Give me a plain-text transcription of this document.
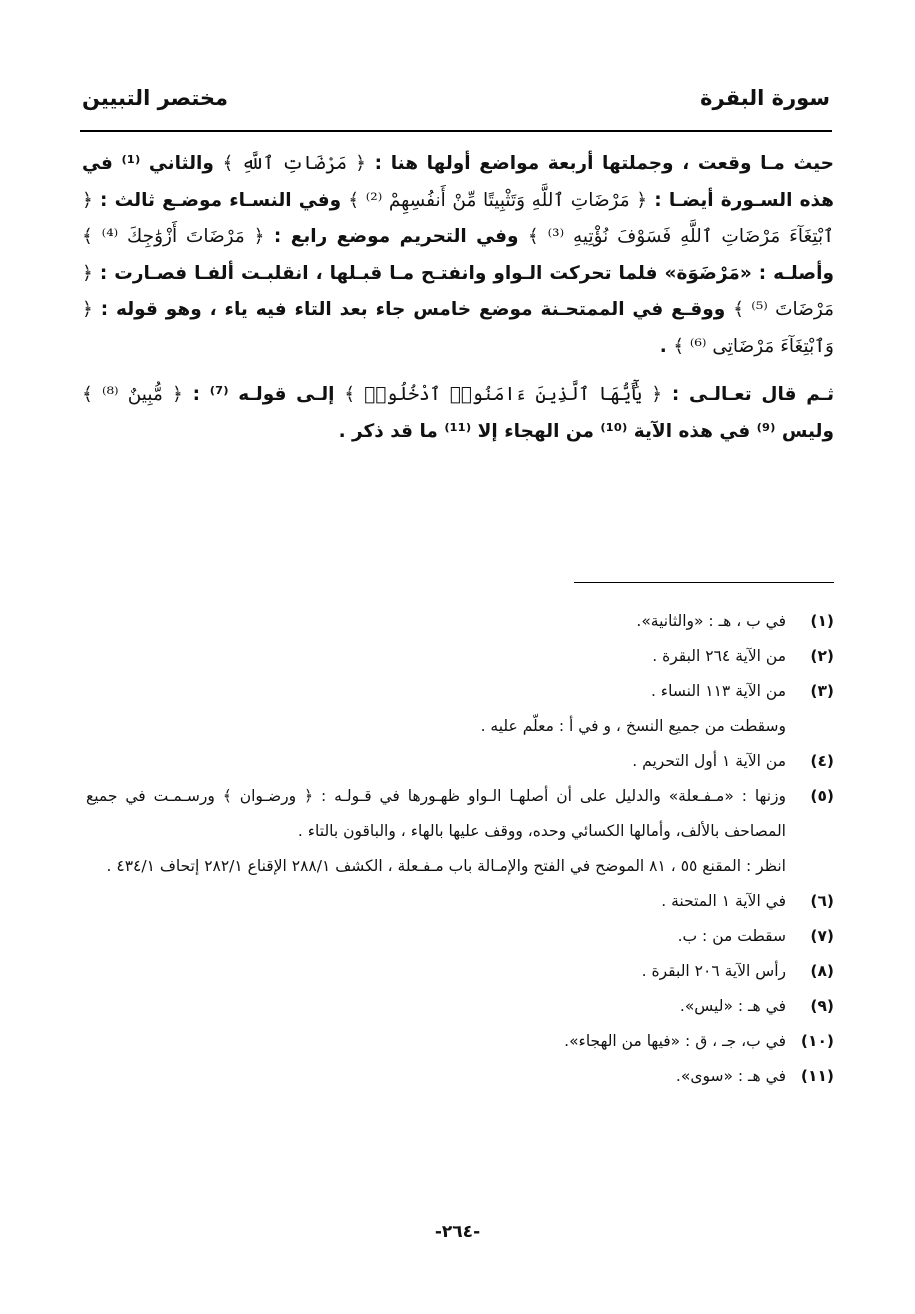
سورة البقرة
مختصر التبيين

حيث مـا وقعت ، وجملتها أربعة مواضع أولها هنا : ﴿ مَرْضَاتِ ٱللَّهِ ﴾ والثاني ⁽¹⁾ في هذه السـورة أيضـا : ﴿ مَرْضَاتِ ٱللَّهِ وَتَثْبِيتًا مِّنْ أَنفُسِهِمْ ⁽²⁾ ﴾ وفي النسـاء موضـع ثالث : ﴿ ٱبْتِغَآءَ مَرْضَاتِ ٱللَّهِ فَسَوْفَ نُؤْتِيهِ ⁽³⁾ ﴾ وفي التحريم موضع رابع : ﴿ مَرْضَاتَ أَزْوَٰجِكَ ⁽⁴⁾ ﴾ وأصلـه : «مَرْضَوَة» فلما تحركت الـواو وانفتـح مـا قبـلها ، انقلبـت ألفـا فصـارت : ﴿ مَرْضَاتَ ⁽⁵⁾ ﴾ ووقـع في الممتحـنة موضع خامس جاء بعد التاء فيه ياء ، وهو قوله : ﴿ وَٱبْتِغَآءَ مَرْضَاتِى ⁽⁶⁾ ﴾ .

ثـم قال تعـالـى : ﴿ يَٰٓأَيُّهَا ٱلَّذِينَ ءَامَنُوا۟ ٱدْخُلُوا۟ ﴾ إلـى قولـه ⁽⁷⁾ : ﴿ مُّبِينٌ ⁽⁸⁾ ﴾ وليس ⁽⁹⁾ في هذه الآية ⁽¹⁰⁾ من الهجاء إلا ⁽¹¹⁾ ما قد ذكر .

(١)
في ب ، هـ : «والثانية».
(٢)
من الآية ٢٦٤ البقرة .
(٣)
من الآية ١١٣ النساء .
وسقطت من جميع النسخ ، و في أ : معلّم عليه .
(٤)
من الآية ١ أول التحريم .
(٥)
وزنها : «مـفـعلة» والدليل على أن أصلهـا الـواو ظهـورها في قـولـه : ﴿ ورضـوان ﴾ ورسـمـت في جميع المصاحف بالألف، وأمالها الكسائي وحده، ووقف عليها بالهاء ، والباقون بالتاء .
انظر : المقنع ٥٥ ، ٨١ الموضح في الفتح والإمـالة باب مـفـعلة ، الكشف ٢٨٨/١ الإقناع ٢٨٢/١ إتحاف ٤٣٤/١ .
(٦)
في الآية ١ المتحنة .
(٧)
سقطت من : ب.
(٨)
رأس الآية ٢٠٦ البقرة .
(٩)
في هـ : «ليس».
(١٠)
في ب، جـ ، ق : «فيها من الهجاء».
(١١)
في هـ : «سوى».
-٢٦٤-
